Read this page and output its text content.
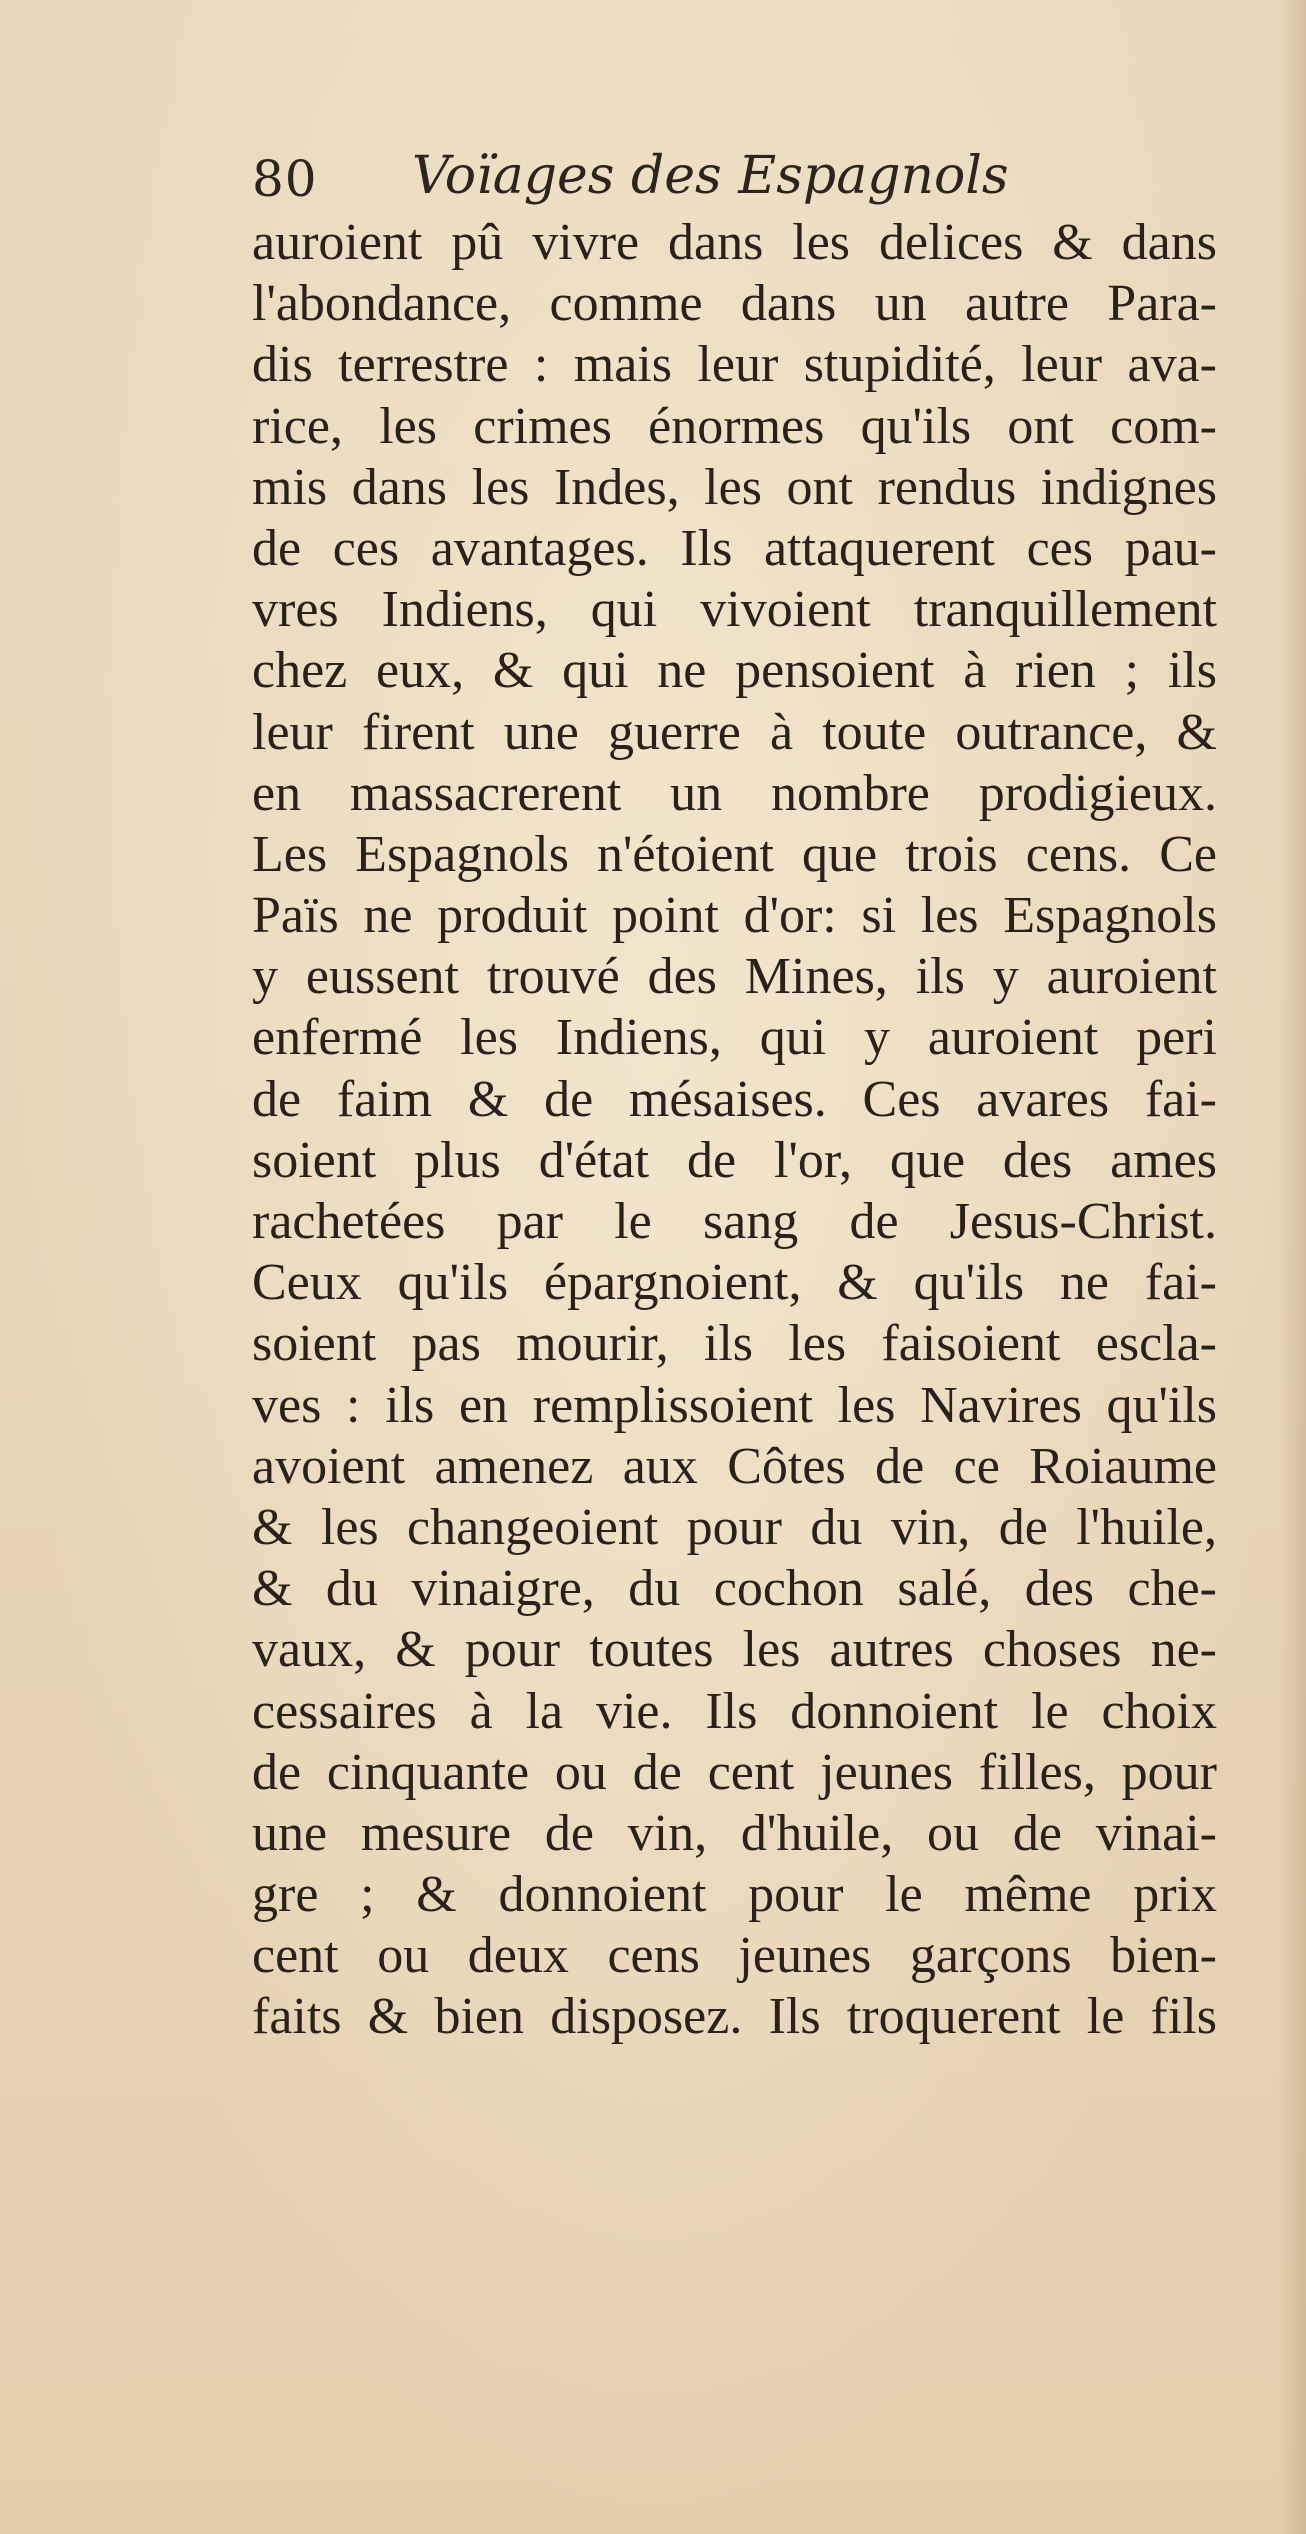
80 Voïages des Espagnols
auroient pû vivre dans les delices & dans
l'abondance, comme dans un autre Para-
dis terrestre : mais leur stupidité, leur ava-
rice, les crimes énormes qu'ils ont com-
mis dans les Indes, les ont rendus indignes
de ces avantages. Ils attaquerent ces pau-
vres Indiens, qui vivoient tranquillement
chez eux, & qui ne pensoient à rien ; ils
leur firent une guerre à toute outrance, &
en massacrerent un nombre prodigieux.
Les Espagnols n'étoient que trois cens. Ce
Païs ne produit point d'or: si les Espagnols
y eussent trouvé des Mines, ils y auroient
enfermé les Indiens, qui y auroient peri
de faim & de mésaises. Ces avares fai-
soient plus d'état de l'or, que des ames
rachetées par le sang de Jesus-Christ.
Ceux qu'ils épargnoient, & qu'ils ne fai-
soient pas mourir, ils les faisoient escla-
ves : ils en remplissoient les Navires qu'ils
avoient amenez aux Côtes de ce Roiaume
& les changeoient pour du vin, de l'huile,
& du vinaigre, du cochon salé, des che-
vaux, & pour toutes les autres choses ne-
cessaires à la vie. Ils donnoient le choix
de cinquante ou de cent jeunes filles, pour
une mesure de vin, d'huile, ou de vinai-
gre ; & donnoient pour le même prix
cent ou deux cens jeunes garçons bien-
faits & bien disposez. Ils troquerent le fils
